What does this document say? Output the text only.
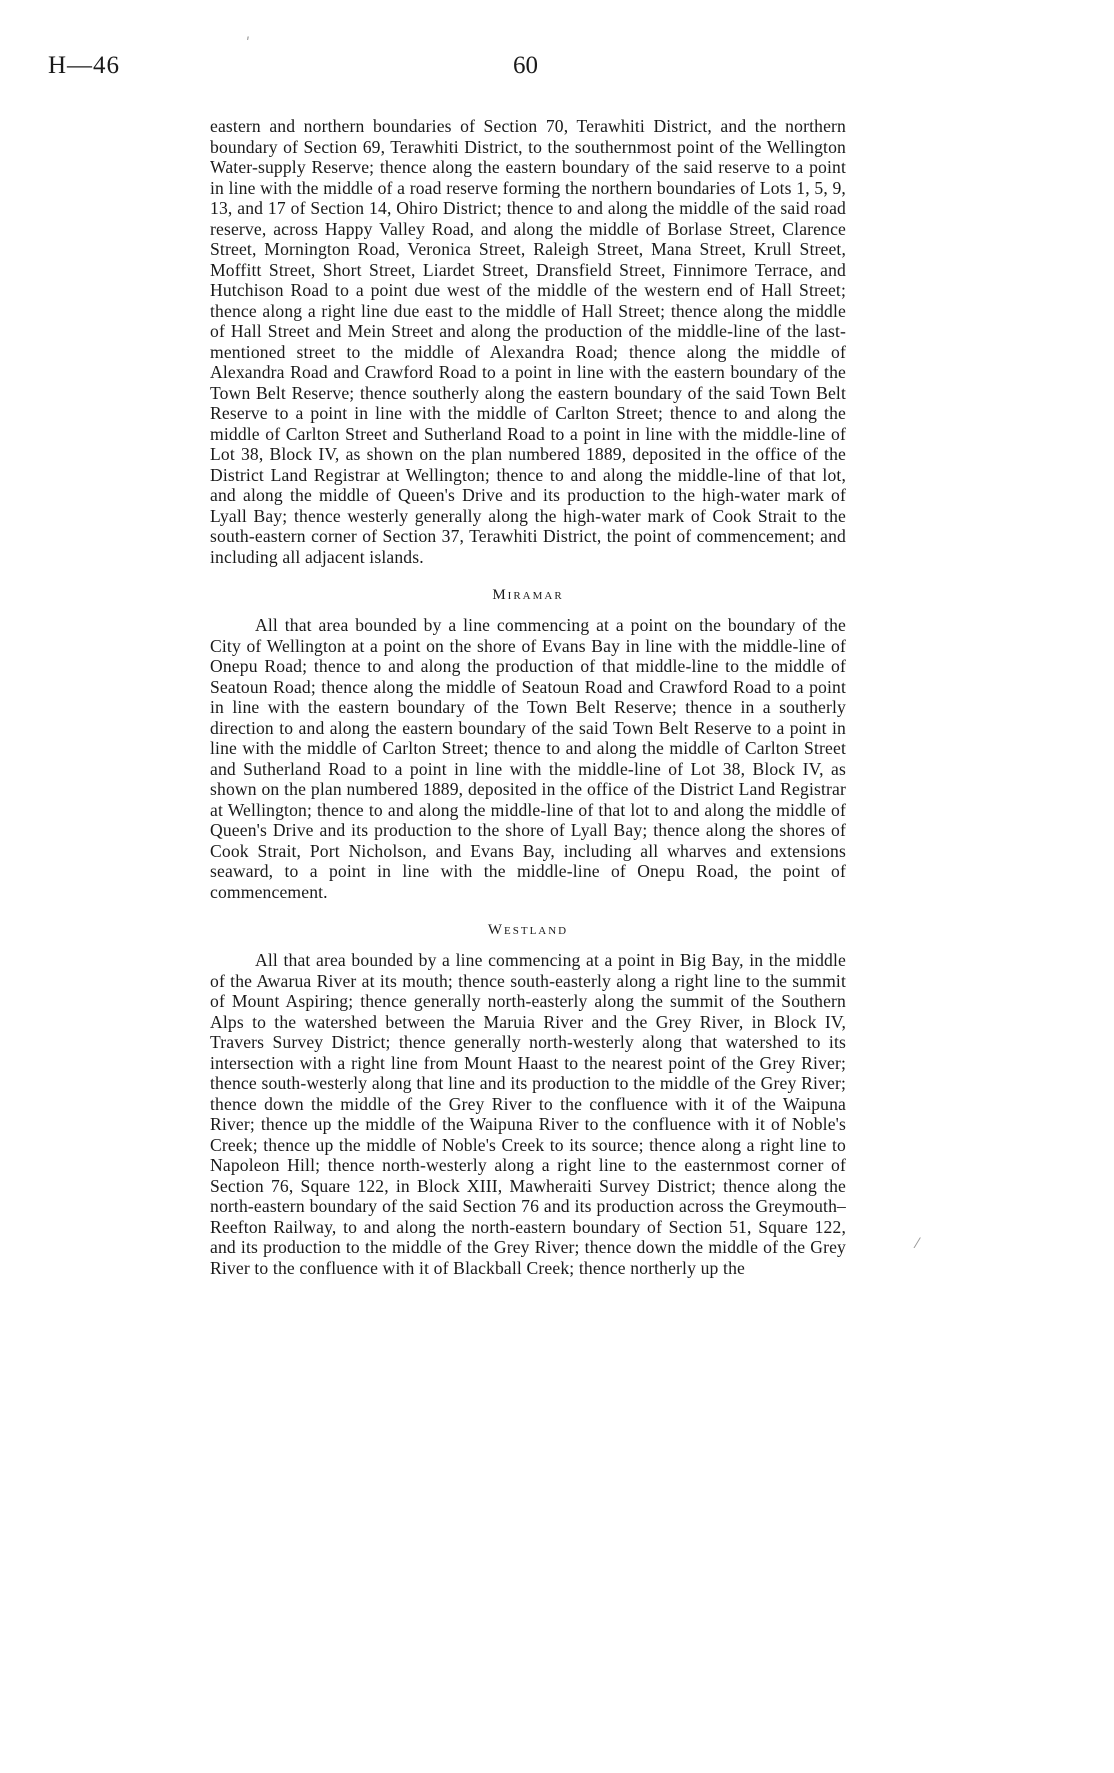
H—46	60
ʹ
⁄

eastern and northern boundaries of Section 70, Terawhiti District, and the northern boundary of Section 69, Terawhiti District, to the southernmost point of the Wellington Water-supply Reserve; thence along the eastern boundary of the said reserve to a point in line with the middle of a road reserve forming the northern boundaries of Lots 1, 5, 9, 13, and 17 of Section 14, Ohiro District; thence to and along the middle of the said road reserve, across Happy Valley Road, and along the middle of Borlase Street, Clarence Street, Mornington Road, Veronica Street, Raleigh Street, Mana Street, Krull Street, Moffitt Street, Short Street, Liardet Street, Dransfield Street, Finnimore Terrace, and Hutchison Road to a point due west of the middle of the western end of Hall Street; thence along a right line due east to the middle of Hall Street; thence along the middle of Hall Street and Mein Street and along the production of the middle-line of the last-mentioned street to the middle of Alexandra Road; thence along the middle of Alexandra Road and Crawford Road to a point in line with the eastern boundary of the Town Belt Reserve; thence southerly along the eastern boundary of the said Town Belt Reserve to a point in line with the middle of Carlton Street; thence to and along the middle of Carlton Street and Sutherland Road to a point in line with the middle-line of Lot 38, Block IV, as shown on the plan numbered 1889, deposited in the office of the District Land Registrar at Wellington; thence to and along the middle-line of that lot, and along the middle of Queen's Drive and its production to the high-water mark of Lyall Bay; thence westerly generally along the high-water mark of Cook Strait to the south-eastern corner of Section 37, Terawhiti District, the point of commencement; and including all adjacent islands.

Miramar

All that area bounded by a line commencing at a point on the boundary of the City of Wellington at a point on the shore of Evans Bay in line with the middle-line of Onepu Road; thence to and along the production of that middle-line to the middle of Seatoun Road; thence along the middle of Seatoun Road and Crawford Road to a point in line with the eastern boundary of the Town Belt Reserve; thence in a southerly direction to and along the eastern boundary of the said Town Belt Reserve to a point in line with the middle of Carlton Street; thence to and along the middle of Carlton Street and Sutherland Road to a point in line with the middle-line of Lot 38, Block IV, as shown on the plan numbered 1889, deposited in the office of the District Land Registrar at Wellington; thence to and along the middle-line of that lot to and along the middle of Queen's Drive and its production to the shore of Lyall Bay; thence along the shores of Cook Strait, Port Nicholson, and Evans Bay, including all wharves and extensions seaward, to a point in line with the middle-line of Onepu Road, the point of commencement.

Westland

All that area bounded by a line commencing at a point in Big Bay, in the middle of the Awarua River at its mouth; thence south-easterly along a right line to the summit of Mount Aspiring; thence generally north-easterly along the summit of the Southern Alps to the watershed between the Maruia River and the Grey River, in Block IV, Travers Survey District; thence generally north-westerly along that watershed to its intersection with a right line from Mount Haast to the nearest point of the Grey River; thence south-westerly along that line and its production to the middle of the Grey River; thence down the middle of the Grey River to the confluence with it of the Waipuna River; thence up the middle of the Waipuna River to the confluence with it of Noble's Creek; thence up the middle of Noble's Creek to its source; thence along a right line to Napoleon Hill; thence north-westerly along a right line to the easternmost corner of Section 76, Square 122, in Block XIII, Mawheraiti Survey District; thence along the north-eastern boundary of the said Section 76 and its production across the Greymouth–Reefton Railway, to and along the north-eastern boundary of Section 51, Square 122, and its production to the middle of the Grey River; thence down the middle of the Grey River to the confluence with it of Blackball Creek; thence northerly up the
